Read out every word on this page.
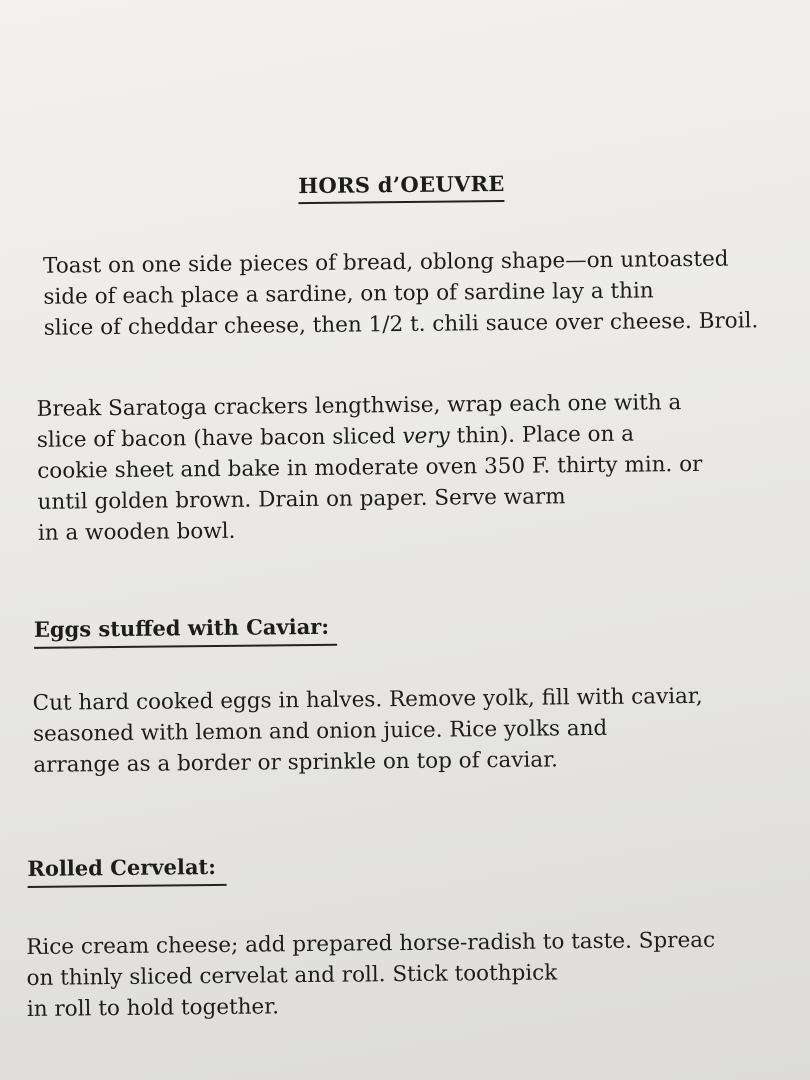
HORS d’OEUVRE
Toast on one side pieces of bread, oblong shape—on untoasted
side of each place a sardine, on top of sardine lay a thin
slice of cheddar cheese, then 1/2 t. chili sauce over cheese. Broil.
Break Saratoga crackers lengthwise, wrap each one with a
slice of bacon (have bacon sliced very thin). Place on a
cookie sheet and bake in moderate oven 350 F. thirty min. or
until golden brown. Drain on paper. Serve warm
in a wooden bowl.
Eggs stuffed with Caviar:
Cut hard cooked eggs in halves. Remove yolk, fill with caviar,
seasoned with lemon and onion juice. Rice yolks and
arrange as a border or sprinkle on top of caviar.
Rolled Cervelat:
Rice cream cheese; add prepared horse-radish to taste. Spreac
on thinly sliced cervelat and roll. Stick toothpick
in roll to hold together.
